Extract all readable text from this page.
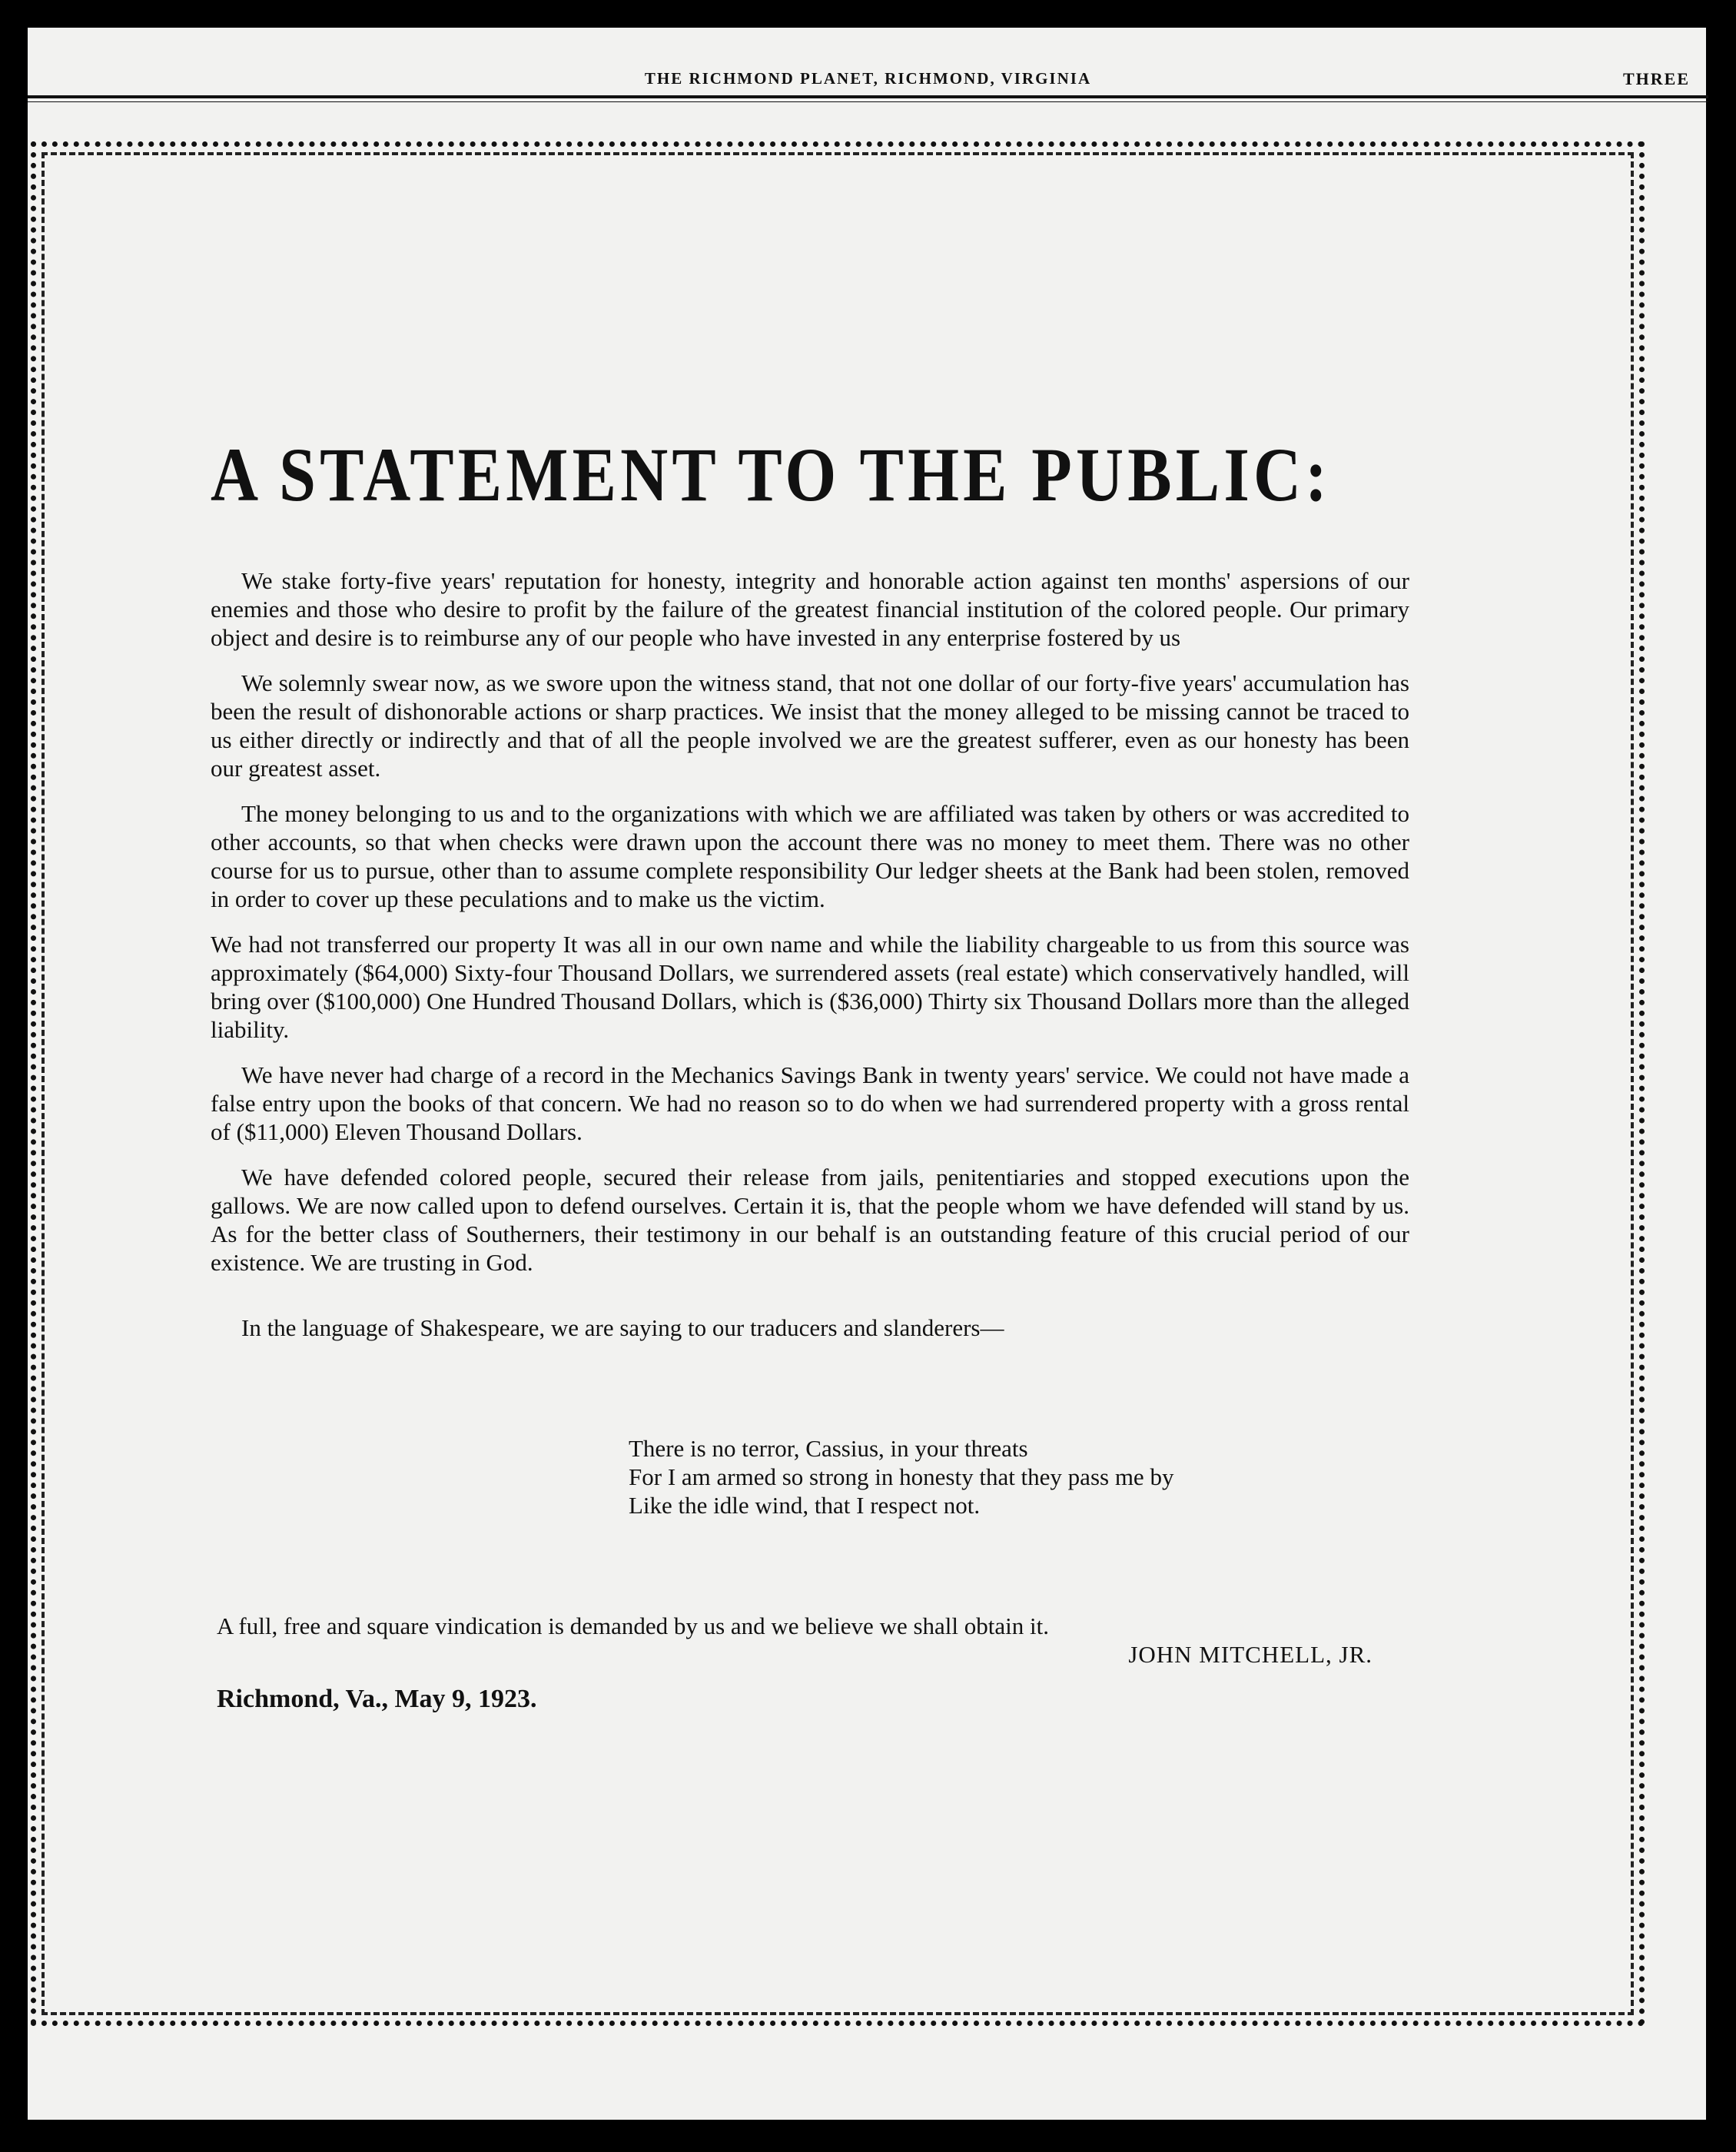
THE RICHMOND PLANET, RICHMOND, VIRGINIA	THREE
A STATEMENT TO THE PUBLIC:

We stake forty-five years' reputation for honesty, integrity and honorable action against ten months' aspersions of our enemies and those who desire to profit by the failure of the greatest financial institution of the colored people. Our primary object and desire is to reimburse any of our people who have invested in any enterprise fostered by us

We solemnly swear now, as we swore upon the witness stand, that not one dollar of our forty-five years' accumulation has been the result of dishonorable actions or sharp practices. We insist that the money alleged to be missing cannot be traced to us either directly or indirectly and that of all the people involved we are the greatest sufferer, even as our honesty has been our greatest asset.

The money belonging to us and to the organizations with which we are affiliated was taken by others or was accredited to other accounts, so that when checks were drawn upon the account there was no money to meet them. There was no other course for us to pursue, other than to assume complete responsibility Our ledger sheets at the Bank had been stolen, removed in order to cover up these peculations and to make us the victim.

We had not transferred our property It was all in our own name and while the liability chargeable to us from this source was approximately ($64,000) Sixty-four Thousand Dollars, we surrendered assets (real estate) which conservatively handled, will bring over ($100,000) One Hundred Thousand Dollars, which is ($36,000) Thirty six Thousand Dollars more than the alleged liability.

We have never had charge of a record in the Mechanics Savings Bank in twenty years' service. We could not have made a false entry upon the books of that concern. We had no reason so to do when we had surrendered property with a gross rental of ($11,000) Eleven Thousand Dollars.

We have defended colored people, secured their release from jails, penitentiaries and stopped executions upon the gallows. We are now called upon to defend ourselves. Certain it is, that the people whom we have defended will stand by us. As for the better class of Southerners, their testimony in our behalf is an outstanding feature of this crucial period of our existence. We are trusting in God.

In the language of Shakespeare, we are saying to our traducers and slanderers—

There is no terror, Cassius, in your threats
For I am armed so strong in honesty that they pass me by
Like the idle wind, that I respect not.

A full, free and square vindication is demanded by us and we believe we shall obtain it.

JOHN MITCHELL, JR.

Richmond, Va., May 9, 1923.
